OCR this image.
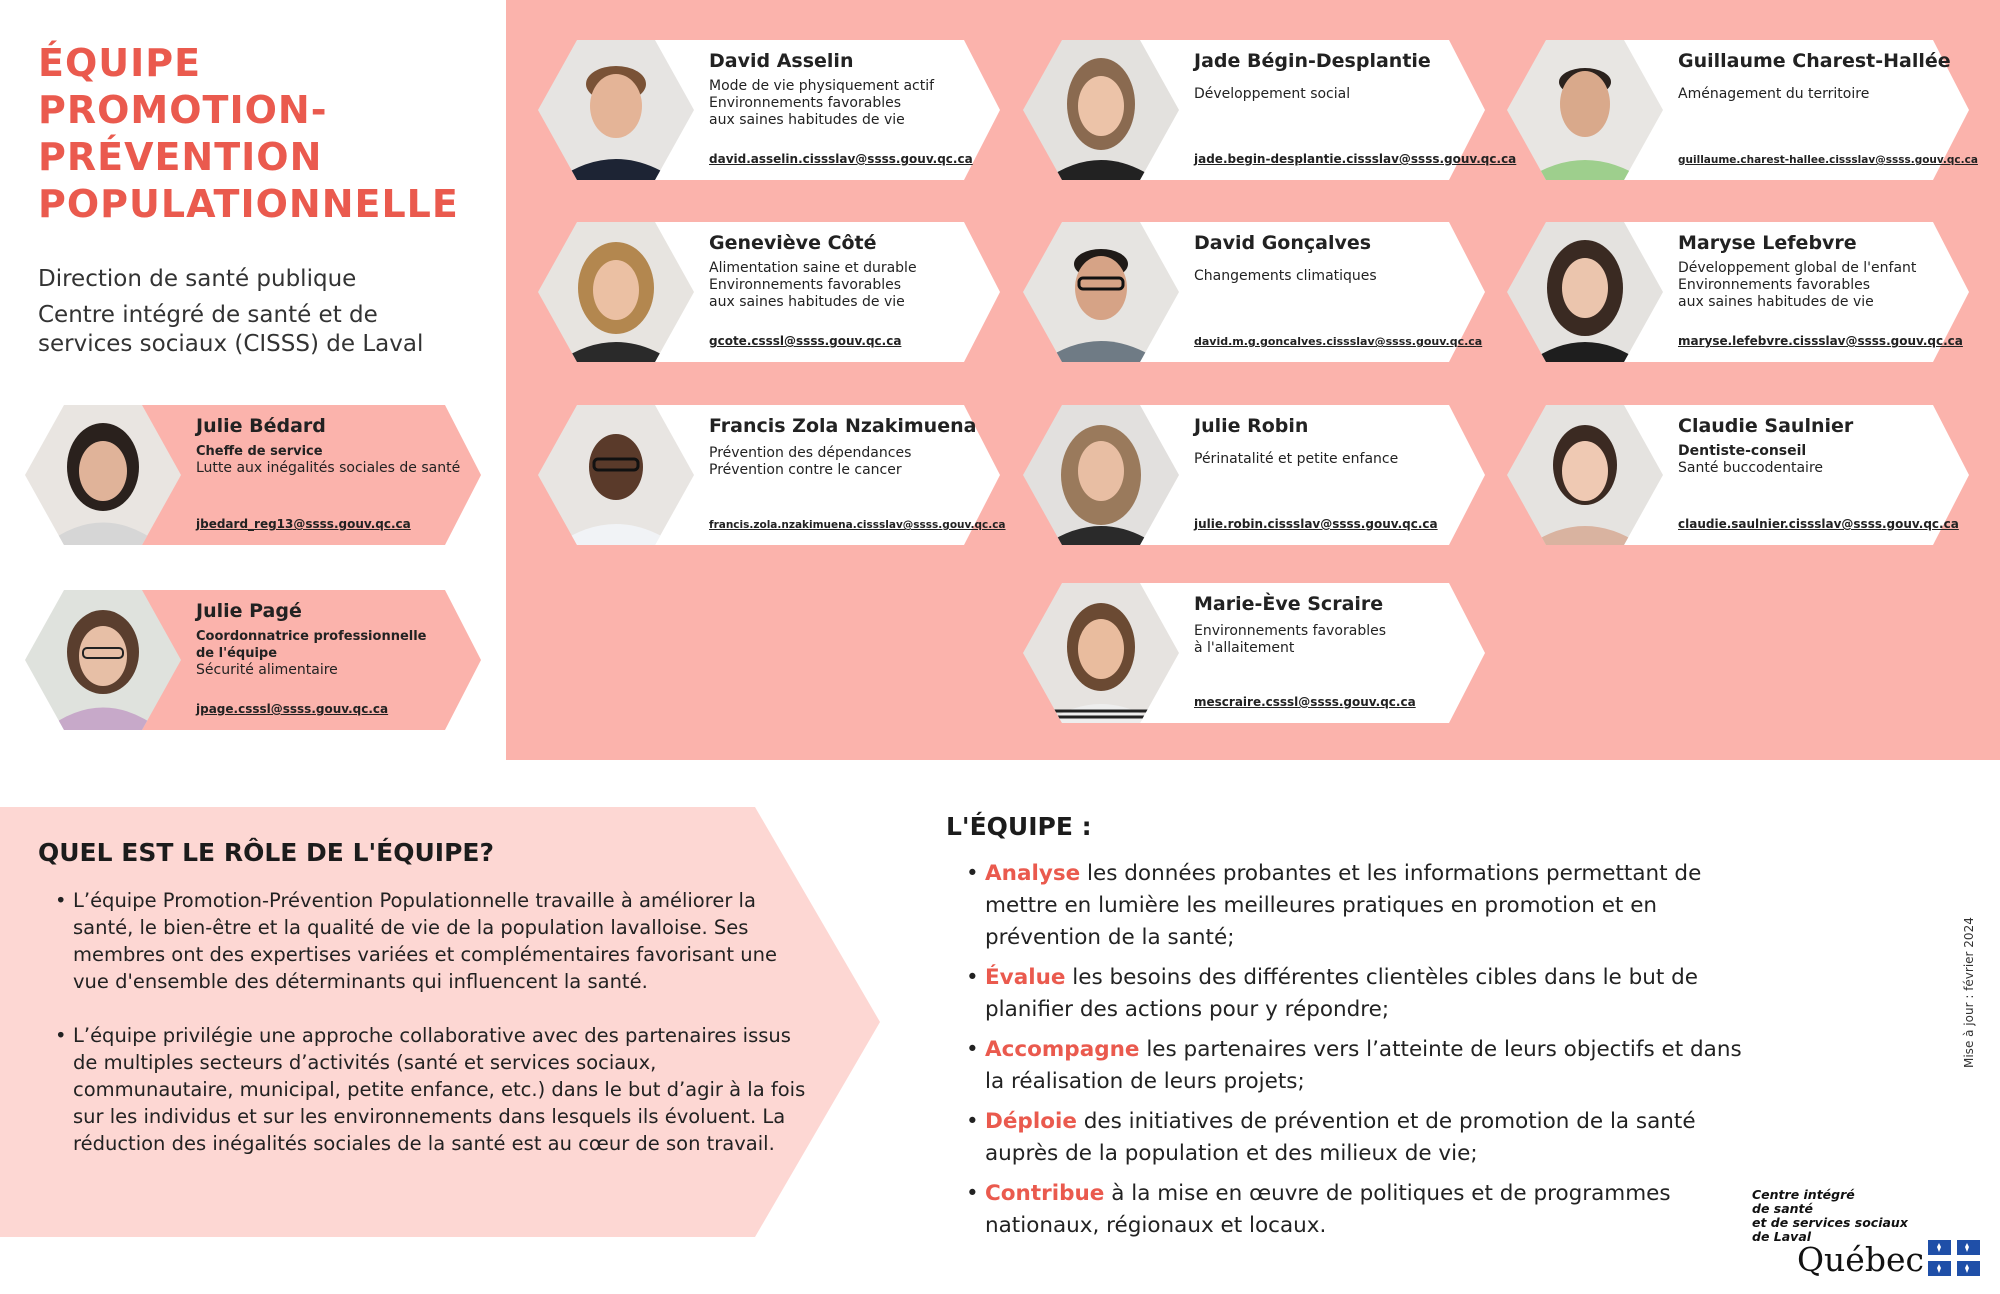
ÉQUIPE
PROMOTION-
PRÉVENTION
POPULATIONNELLE
Direction de santé publique
Centre intégré de santé et de
services sociaux (CISSS) de Laval
Julie Bédard
Cheffe de service
Lutte aux inégalités sociales de santé
jbedard_reg13@ssss.gouv.qc.ca
Julie Pagé
Coordonnatrice professionnelle
de l'équipe
Sécurité alimentaire
jpage.csssl@ssss.gouv.qc.ca
David Asselin
Mode de vie physiquement actif
Environnements favorables
aux saines habitudes de vie
david.asselin.cissslav@ssss.gouv.qc.ca
Jade Bégin-Desplantie
Développement social
jade.begin-desplantie.cissslav@ssss.gouv.qc.ca
Guillaume Charest-Hallée
Aménagement du territoire
guillaume.charest-hallee.cissslav@ssss.gouv.qc.ca
Geneviève Côté
Alimentation saine et durable
Environnements favorables
aux saines habitudes de vie
gcote.csssl@ssss.gouv.qc.ca
David Gonçalves
Changements climatiques
david.m.g.goncalves.cissslav@ssss.gouv.qc.ca
Maryse Lefebvre
Développement global de l'enfant
Environnements favorables
aux saines habitudes de vie
maryse.lefebvre.cissslav@ssss.gouv.qc.ca
Francis Zola Nzakimuena
Prévention des dépendances
Prévention contre le cancer
francis.zola.nzakimuena.cissslav@ssss.gouv.qc.ca
Julie Robin
Périnatalité et petite enfance
julie.robin.cissslav@ssss.gouv.qc.ca
Claudie Saulnier
Dentiste-conseil
Santé buccodentaire
claudie.saulnier.cissslav@ssss.gouv.qc.ca
Marie-Ève Scraire
Environnements favorables
à l'allaitement
mescraire.csssl@ssss.gouv.qc.ca
QUEL EST LE RÔLE DE L'ÉQUIPE?
• L’équipe Promotion-Prévention Populationnelle travaille à améliorer la santé, le bien-être et la qualité de vie de la population lavalloise. Ses membres ont des expertises variées et complémentaires favorisant une vue d'ensemble des déterminants qui influencent la santé.
• L’équipe privilégie une approche collaborative avec des partenaires issus de multiples secteurs d’activités (santé et services sociaux, communautaire, municipal, petite enfance, etc.) dans le but d’agir à la fois sur les individus et sur les environnements dans lesquels ils évoluent. La réduction des inégalités sociales de la santé est au cœur de son travail.
L'ÉQUIPE :
• Analyse les données probantes et les informations permettant de mettre en lumière les meilleures pratiques en promotion et en prévention de la santé;
• Évalue les besoins des différentes clientèles cibles dans le but de planifier des actions pour y répondre;
• Accompagne les partenaires vers l’atteinte de leurs objectifs et dans la réalisation de leurs projets;
• Déploie des initiatives de prévention et de promotion de la santé auprès de la population et des milieux de vie;
• Contribue à la mise en œuvre de politiques et de programmes nationaux, régionaux et locaux.
Mise à jour : février 2024
Centre intégré
de santé
et de services sociaux
de Laval
Québec
